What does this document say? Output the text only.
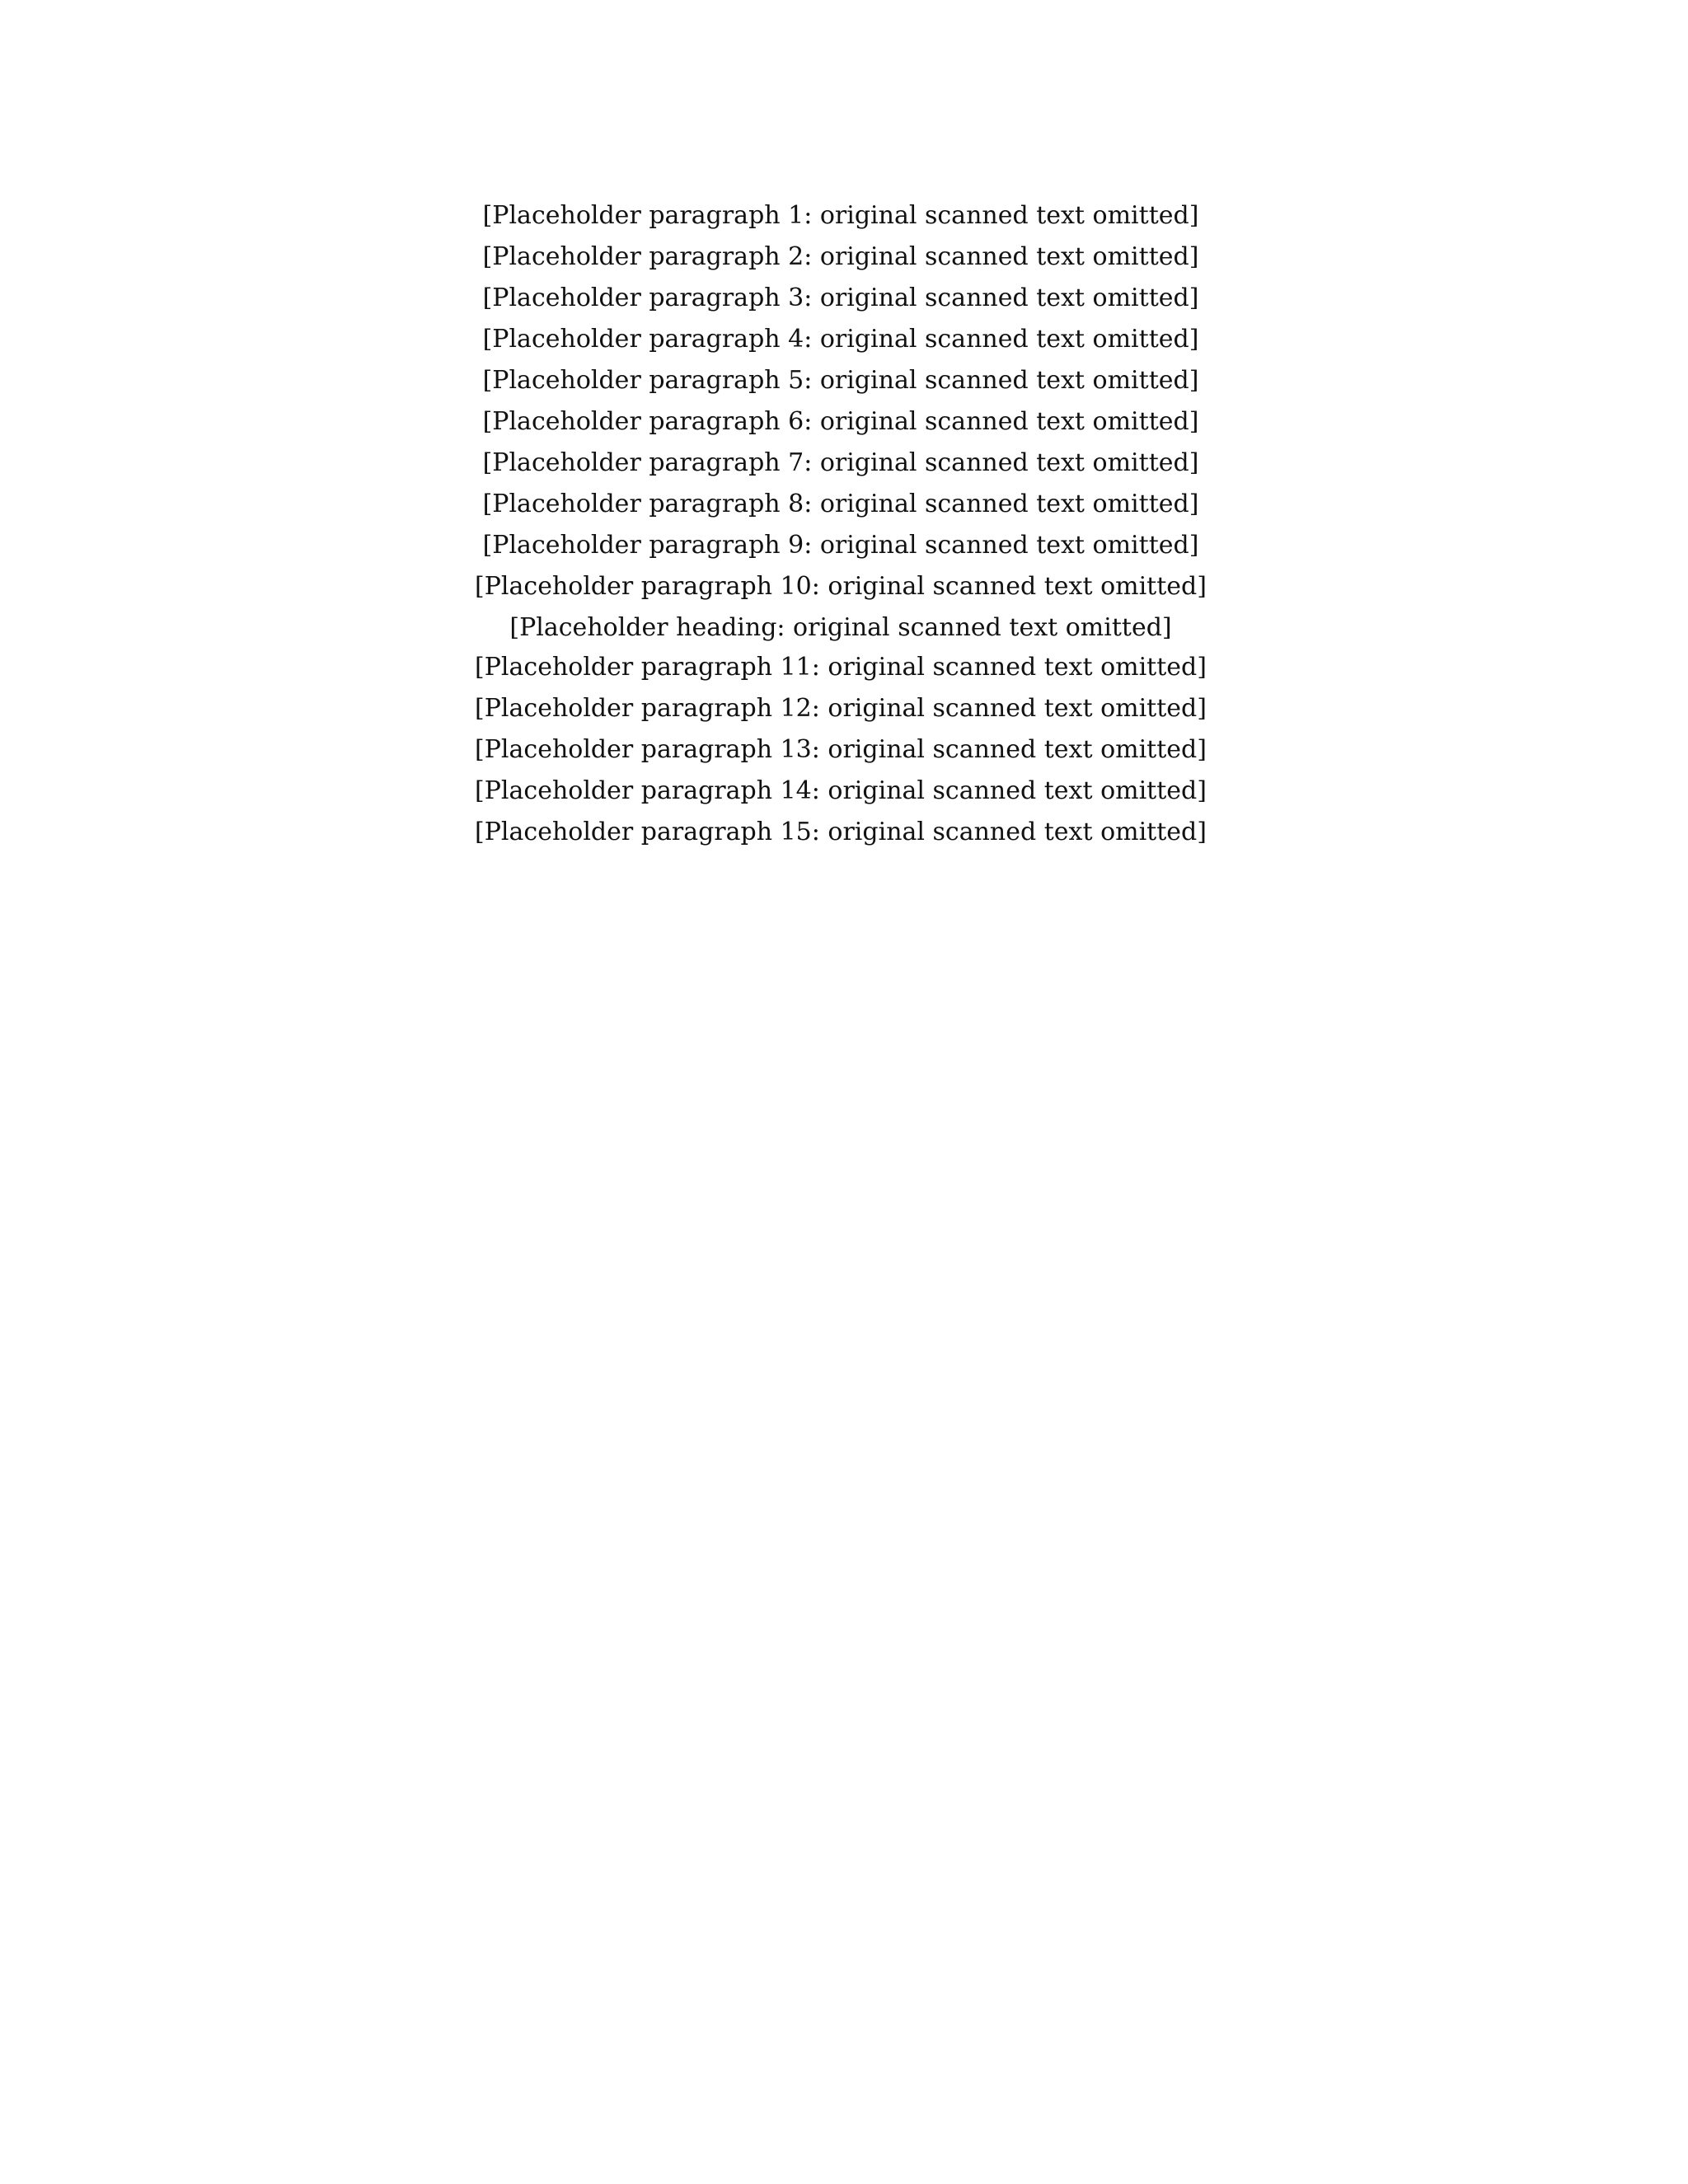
[Placeholder paragraph 1: original scanned text omitted]

[Placeholder paragraph 2: original scanned text omitted]

[Placeholder paragraph 3: original scanned text omitted]

[Placeholder paragraph 4: original scanned text omitted]

[Placeholder paragraph 5: original scanned text omitted]

[Placeholder paragraph 6: original scanned text omitted]

[Placeholder paragraph 7: original scanned text omitted]

[Placeholder paragraph 8: original scanned text omitted]

[Placeholder paragraph 9: original scanned text omitted]

[Placeholder paragraph 10: original scanned text omitted]

[Placeholder heading: original scanned text omitted]

[Placeholder paragraph 11: original scanned text omitted]

[Placeholder paragraph 12: original scanned text omitted]

[Placeholder paragraph 13: original scanned text omitted]

[Placeholder paragraph 14: original scanned text omitted]

[Placeholder paragraph 15: original scanned text omitted]
